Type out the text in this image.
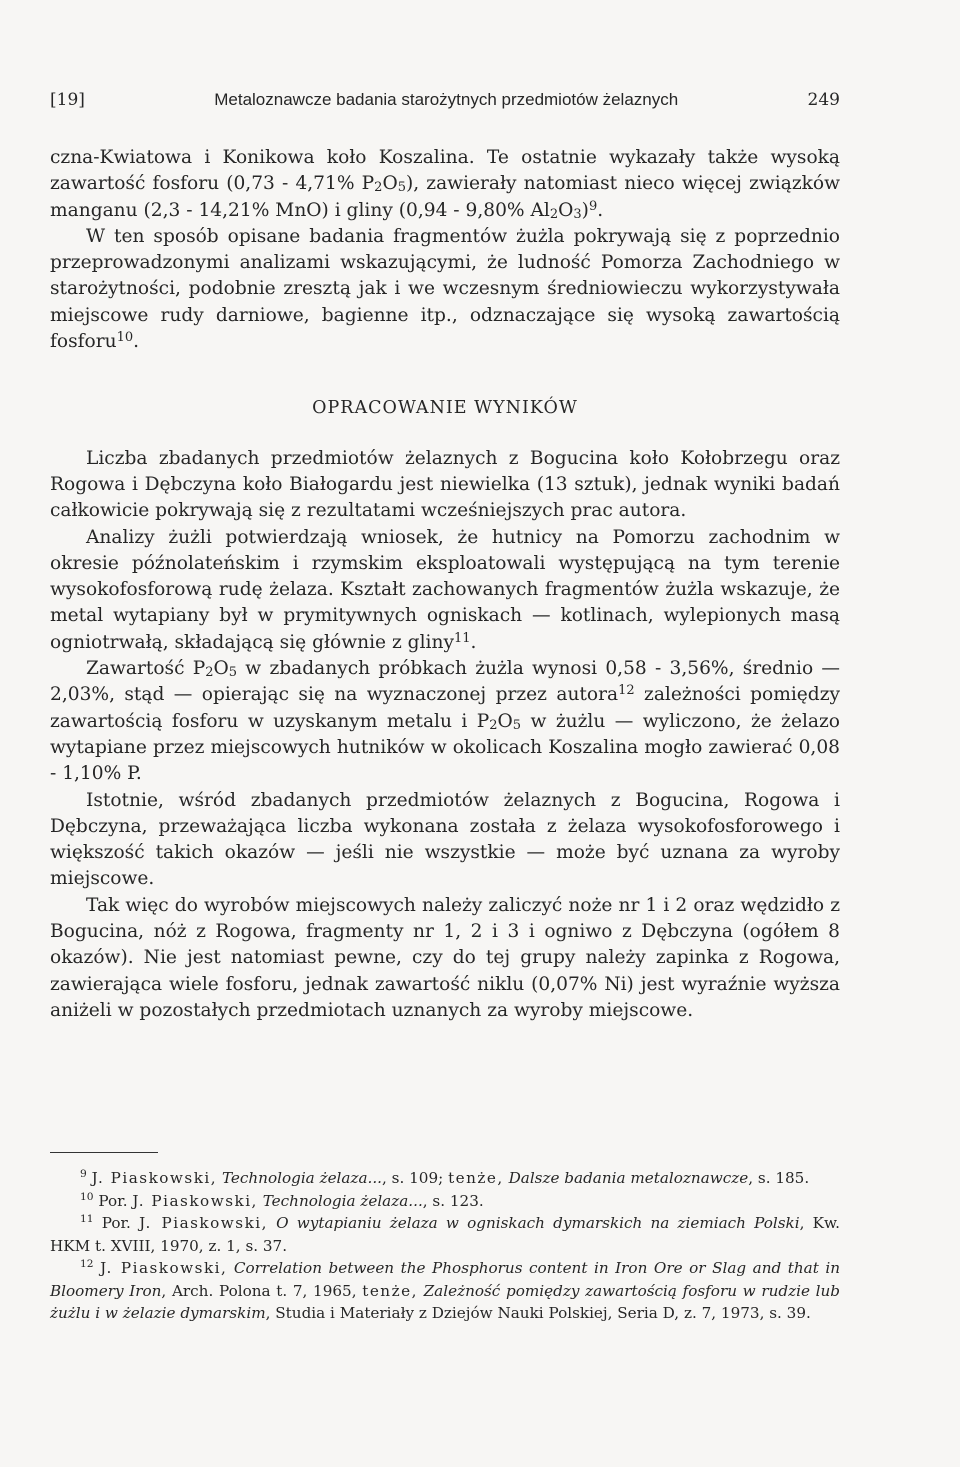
[19]	Metaloznawcze badania starożytnych przedmiotów żelaznych	249

czna-Kwiatowa i Konikowa koło Koszalina. Te ostatnie wykazały także wysoką zawartość fosforu (0,73 - 4,71% $P_2O_5$), zawierały natomiast nieco więcej związków manganu (2,3 - 14,21% MnO) i gliny (0,94 - 9,80% $Al_2O_3)^9$.

W ten sposób opisane badania fragmentów żużla pokrywają się z poprzednio przeprowadzonymi analizami wskazującymi, że ludność Pomorza Zachodniego w starożytności, podobnie zresztą jak i we wczesnym średniowieczu wykorzystywała miejscowe rudy darniowe, bagienne itp., odznaczające się wysoką zawartością fosforu$^{10}$.

OPRACOWANIE WYNIKÓW

Liczba zbadanych przedmiotów żelaznych z Bogucina koło Kołobrzegu oraz Rogowa i Dębczyna koło Białogardu jest niewielka (13 sztuk), jednak wyniki badań całkowicie pokrywają się z rezultatami wcześniejszych prac autora.

Analizy żużli potwierdzają wniosek, że hutnicy na Pomorzu zachodnim w okresie późnolateńskim i rzymskim eksploatowali występującą na tym terenie wysokofosforową rudę żelaza. Kształt zachowanych fragmentów żużla wskazuje, że metal wytapiany był w prymitywnych ogniskach — kotlinach, wylepionych masą ogniotrwałą, składającą się głównie z gliny$^{11}$.

Zawartość $P_2O_5$ w zbadanych próbkach żużla wynosi 0,58 - 3,56%, średnio — 2,03%, stąd — opierając się na wyznaczonej przez autora$^{12}$ zależności pomiędzy zawartością fosforu w uzyskanym metalu i $P_2O_5$ w żużlu — wyliczono, że żelazo wytapiane przez miejscowych hutników w okolicach Koszalina mogło zawierać 0,08 - 1,10% P.

Istotnie, wśród zbadanych przedmiotów żelaznych z Bogucina, Rogowa i Dębczyna, przeważająca liczba wykonana została z żelaza wysokofosforowego i większość takich okazów — jeśli nie wszystkie — może być uznana za wyroby miejscowe.

Tak więc do wyrobów miejscowych należy zaliczyć noże nr 1 i 2 oraz wędzidło z Bogucina, nóż z Rogowa, fragmenty nr 1, 2 i 3 i ogniwo z Dębczyna (ogółem 8 okazów). Nie jest natomiast pewne, czy do tej grupy należy zapinka z Rogowa, zawierająca wiele fosforu, jednak zawartość niklu (0,07% Ni) jest wyraźnie wyższa aniżeli w pozostałych przedmiotach uznanych za wyroby miejscowe.

$^9$ J. Piaskowski, Technologia żelaza..., s. 109; tenże, Dalsze badania metaloznawcze, s. 185.

$^{10}$ Por. J. Piaskowski, Technologia żelaza..., s. 123.

$^{11}$ Por. J. Piaskowski, O wytapianiu żelaza w ogniskach dymarskich na ziemiach Polski, Kw. HKM t. XVIII, 1970, z. 1, s. 37.

$^{12}$ J. Piaskowski, Correlation between the Phosphorus content in Iron Ore or Slag and that in Bloomery Iron, Arch. Polona t. 7, 1965, tenże, Zależność pomiędzy zawartością fosforu w rudzie lub żużlu i w żelazie dymarskim, Studia i Materiały z Dziejów Nauki Polskiej, Seria D, z. 7, 1973, s. 39.
